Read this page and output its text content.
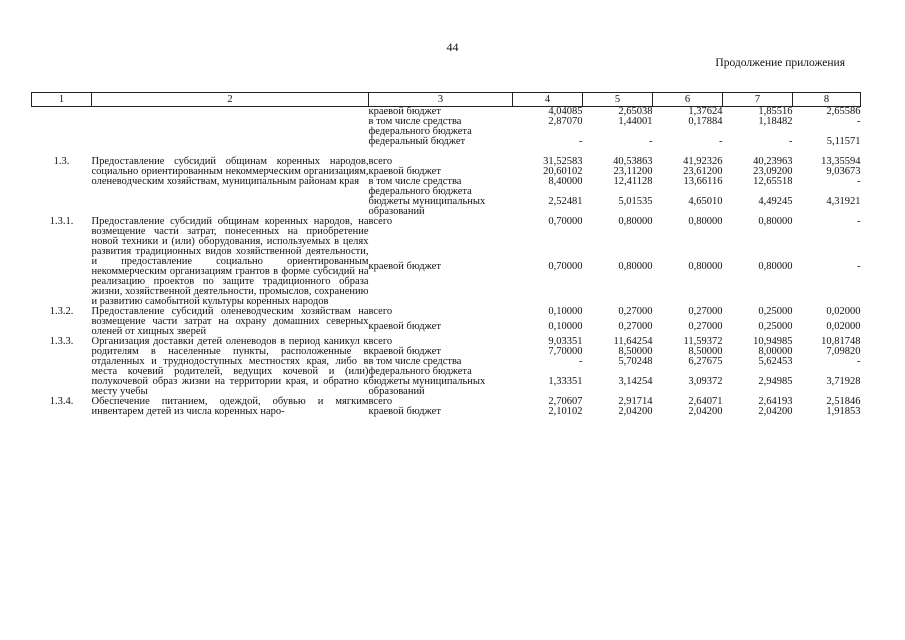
44
Продолжение приложения
1	2	3	4	5	6	7	8
		краевой бюджет	4,04085	2,65038	1,37624	1,85516	2,65586
		в том числе средства федерального бюджета	2,87070	1,44001	0,17884	1,18482	-
		федеральный бюджет	-	-	-	-	5,11571

1.3.	Предоставление субсидий общинам коренных народов, социально ориентированным некоммерческим организациям, оленеводческим хозяйствам, муниципальным районам края	всего	31,52583	40,53863	41,92326	40,23963	13,35594
		краевой бюджет	20,60102	23,11200	23,61200	23,09200	9,03673
		в том числе средства федерального бюджета	8,40000	12,41128	13,66116	12,65518	-
		бюджеты муниципальных образований	2,52481	5,01535	4,65010	4,49245	4,31921
1.3.1.	Предоставление субсидий общинам коренных народов, на возмещение части затрат, понесенных на приобретение новой техники и (или) оборудования, используемых в целях развития традиционных видов хозяйственной деятельности, и предоставление социально ориентированным некоммерческим организациям грантов в форме субсидий на реализацию проектов по защите традиционного образа жизни, хозяйственной деятельности, промыслов, сохранению и развитию самобытной культуры коренных народов	всего	0,70000	0,80000	0,80000	0,80000	-
		краевой бюджет	0,70000	0,80000	0,80000	0,80000	-
1.3.2.	Предоставление субсидий оленеводческим хозяйствам на возмещение части затрат на охрану домашних северных оленей от хищных зверей	всего	0,10000	0,27000	0,27000	0,25000	0,02000
		краевой бюджет	0,10000	0,27000	0,27000	0,25000	0,02000
1.3.3.	Организация доставки детей оленеводов в период каникул к родителям в населенные пункты, расположенные в отдаленных и труднодоступных местностях края, либо в места кочевий родителей, ведущих кочевой и (или) полукочевой образ жизни на территории края, и обратно к месту учебы	всего	9,03351	11,64254	11,59372	10,94985	10,81748
		краевой бюджет	7,70000	8,50000	8,50000	8,00000	7,09820
		в том числе средства федерального бюджета	-	5,70248	6,27675	5,62453	-
		бюджеты муниципальных образований	1,33351	3,14254	3,09372	2,94985	3,71928
1.3.4.	Обеспечение питанием, одеждой, обувью и мягким инвентарем детей из числа коренных наро-	всего	2,70607	2,91714	2,64071	2,64193	2,51846
		краевой бюджет	2,10102	2,04200	2,04200	2,04200	1,91853
